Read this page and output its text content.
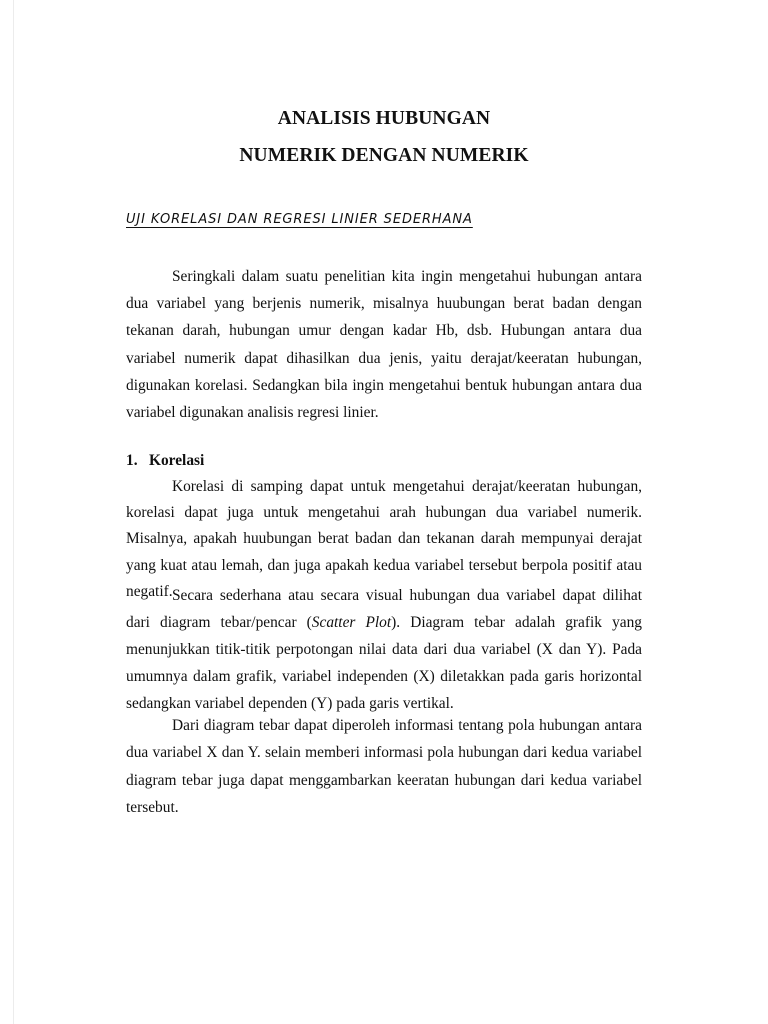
ANALISIS HUBUNGAN
NUMERIK DENGAN NUMERIK

UJI KORELASI DAN REGRESI LINIER SEDERHANA

Seringkali dalam suatu penelitian kita ingin mengetahui hubungan antara dua variabel yang berjenis numerik, misalnya huubungan berat badan dengan tekanan darah, hubungan umur dengan kadar Hb, dsb. Hubungan antara dua variabel numerik dapat dihasilkan dua jenis, yaitu derajat/keeratan hubungan, digunakan korelasi. Sedangkan bila ingin mengetahui bentuk hubungan antara dua variabel digunakan analisis regresi linier.

1. Korelasi

Korelasi di samping dapat untuk mengetahui derajat/keeratan hubungan, korelasi dapat juga untuk mengetahui arah hubungan dua variabel numerik. Misalnya, apakah huubungan berat badan dan tekanan darah mempunyai derajat yang kuat atau lemah, dan juga apakah kedua variabel tersebut berpola positif atau negatif. Secara sederhana atau secara visual hubungan dua variabel dapat dilihat dari diagram tebar/pencar (Scatter Plot). Diagram tebar adalah grafik yang menunjukkan titik-titik perpotongan nilai data dari dua variabel (X dan Y). Pada umumnya dalam grafik, variabel independen (X) diletakkan pada garis horizontal sedangkan variabel dependen (Y) pada garis vertikal.

Dari diagram tebar dapat diperoleh informasi tentang pola hubungan antara dua variabel X dan Y. selain memberi informasi pola hubungan dari kedua variabel diagram tebar juga dapat menggambarkan keeratan hubungan dari kedua variabel tersebut.
